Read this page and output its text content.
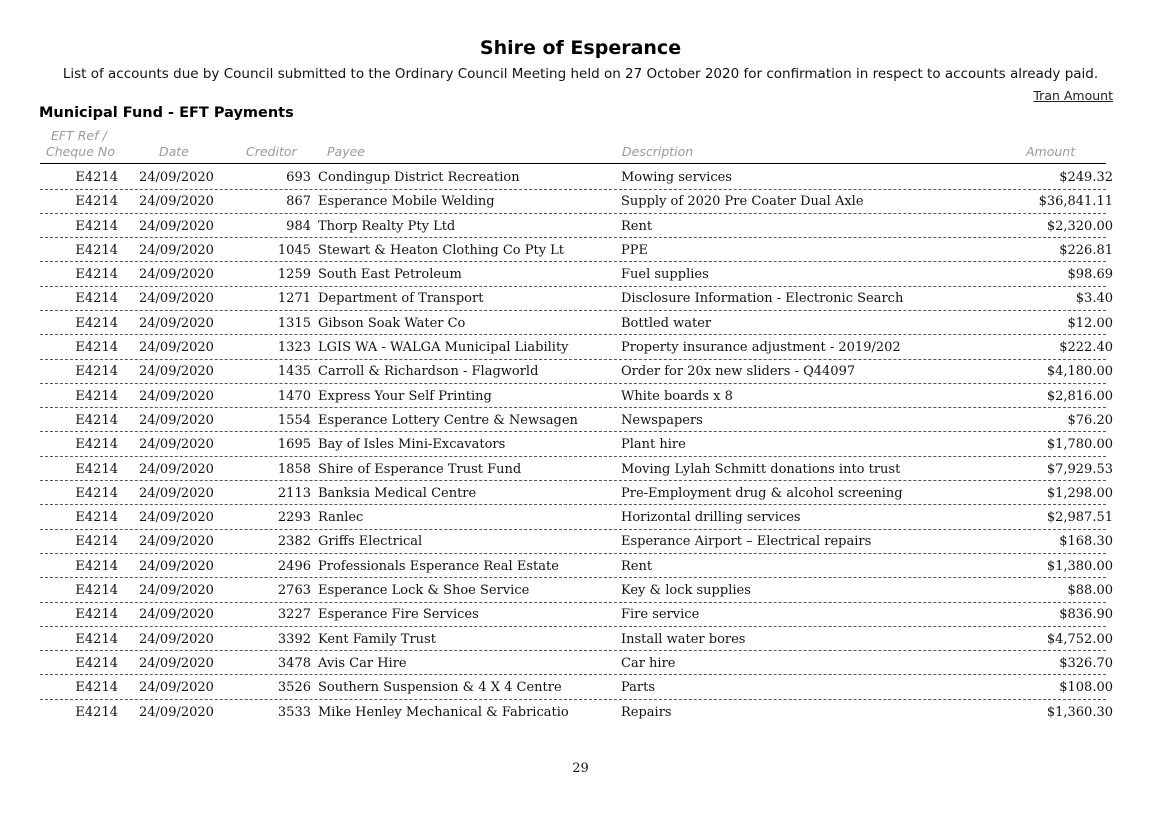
Shire of Esperance
List of accounts due by Council submitted to the Ordinary Council Meeting held on 27 October 2020 for confirmation in respect to accounts already paid.
Tran Amount
Municipal Fund - EFT Payments
EFT Ref /
Cheque No	Date	Creditor Payee	Description	Amount
E4214 24/09/2020	693 Condingup District Recreation	Mowing services	$249.32
E4214 24/09/2020	867 Esperance Mobile Welding	Supply of 2020 Pre Coater Dual Axle	$36,841.11
E4214 24/09/2020	984 Thorp Realty Pty Ltd	Rent	$2,320.00
E4214 24/09/2020	1045 Stewart & Heaton Clothing Co Pty Lt	PPE	$226.81
E4214 24/09/2020	1259 South East Petroleum	Fuel supplies	$98.69
E4214 24/09/2020	1271 Department of Transport	Disclosure Information - Electronic Search	$3.40
E4214 24/09/2020	1315 Gibson Soak Water Co	Bottled water	$12.00
E4214 24/09/2020	1323 LGIS WA - WALGA Municipal Liability	Property insurance adjustment - 2019/202	$222.40
E4214 24/09/2020	1435 Carroll & Richardson - Flagworld	Order for 20x new sliders - Q44097	$4,180.00
E4214 24/09/2020	1470 Express Your Self Printing	White boards x 8	$2,816.00
E4214 24/09/2020	1554 Esperance Lottery Centre & Newsagen	Newspapers	$76.20
E4214 24/09/2020	1695 Bay of Isles Mini-Excavators	Plant hire	$1,780.00
E4214 24/09/2020	1858 Shire of Esperance Trust Fund	Moving Lylah Schmitt donations into trust	$7,929.53
E4214 24/09/2020	2113 Banksia Medical Centre	Pre-Employment drug & alcohol screening	$1,298.00
E4214 24/09/2020	2293 Ranlec	Horizontal drilling services	$2,987.51
E4214 24/09/2020	2382 Griffs Electrical	Esperance Airport – Electrical repairs	$168.30
E4214 24/09/2020	2496 Professionals Esperance Real Estate	Rent	$1,380.00
E4214 24/09/2020	2763 Esperance Lock & Shoe Service	Key & lock supplies	$88.00
E4214 24/09/2020	3227 Esperance Fire Services	Fire service	$836.90
E4214 24/09/2020	3392 Kent Family Trust	Install water bores	$4,752.00
E4214 24/09/2020	3478 Avis Car Hire	Car hire	$326.70
E4214 24/09/2020	3526 Southern Suspension & 4 X 4 Centre	Parts	$108.00
E4214 24/09/2020	3533 Mike Henley Mechanical & Fabricatio	Repairs	$1,360.30
29
